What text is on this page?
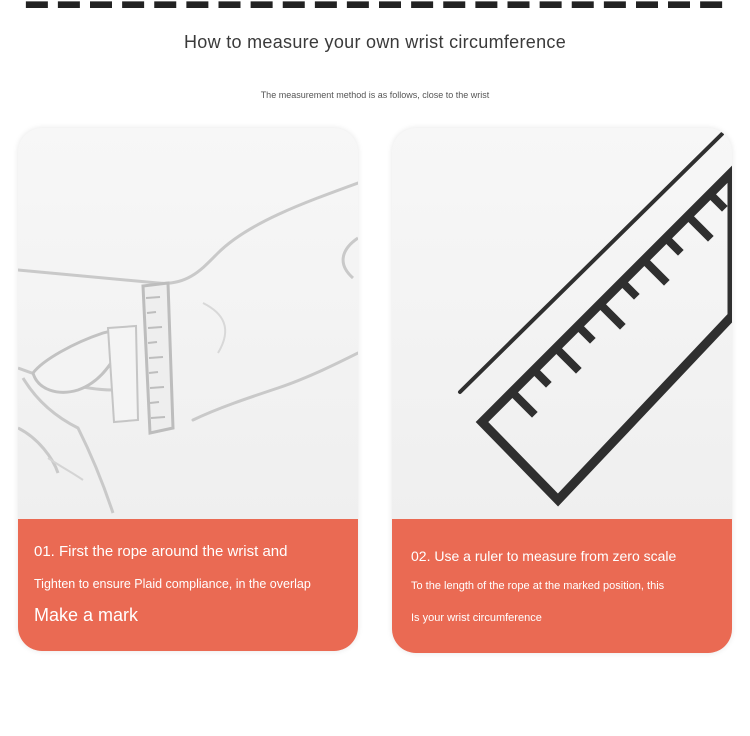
▬ ▬ ▬ ▬ ▬ ▬ ▬ ▬ ▬ ▬ ▬ ▬ ▬ ▬ ▬ ▬ ▬ ▬ ▬ ▬ ▬ ▬
How to measure your own wrist circumference
The measurement method is as follows, close to the wrist
01. First the rope around the wrist and
Tighten to ensure Plaid compliance, in the overlap
Make a mark
02. Use a ruler to measure from zero scale
To the length of the rope at the marked position, this
Is your wrist circumference
